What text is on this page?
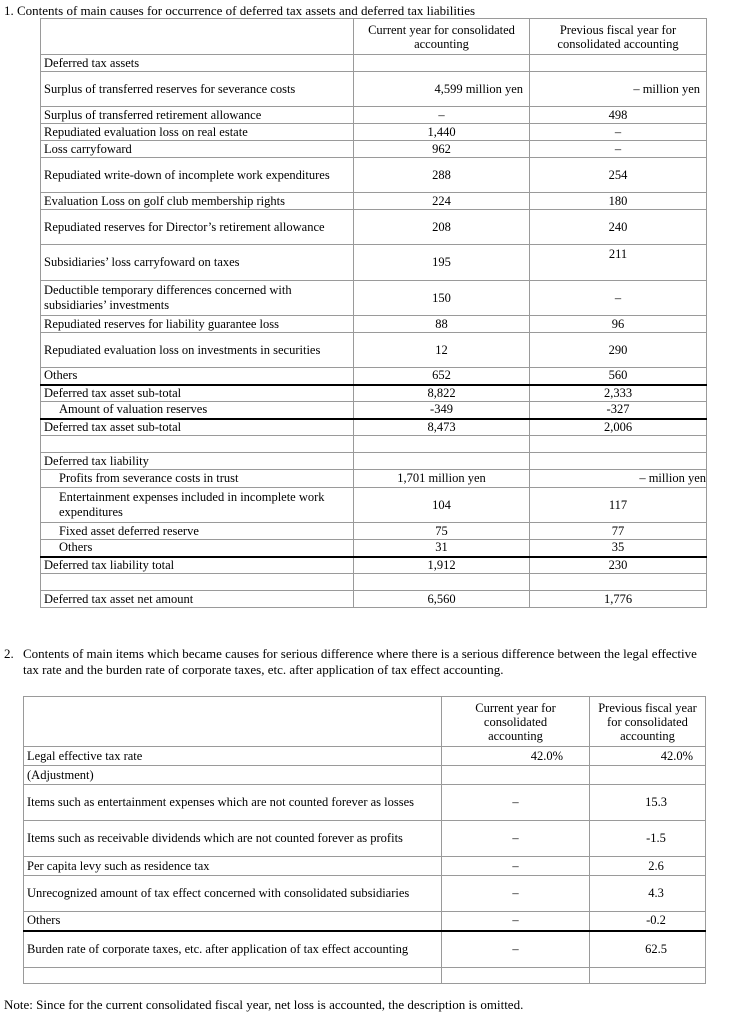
1. Contents of main causes for occurrence of deferred tax assets and deferred tax liabilities
	Current year for consolidated accounting	Previous fiscal year for consolidated accounting
Deferred tax assets		
Surplus of transferred reserves for severance costs	4,599 million yen	– million yen
Surplus of transferred retirement allowance	–	498
Repudiated evaluation loss on real estate	1,440	–
Loss carryfoward	962	–
Repudiated write-down of incomplete work expenditures	288	254
Evaluation Loss on golf club membership rights	224	180
Repudiated reserves for Director’s retirement allowance	208	240
Subsidiaries’ loss carryfoward on taxes	195	211
Deductible temporary differences concerned with subsidiaries’ investments	150	–
Repudiated reserves for liability guarantee loss	88	96
Repudiated evaluation loss on investments in securities	12	290
Others	652	560
Deferred tax asset sub-total	8,822	2,333
Amount of valuation reserves	-349	-327
Deferred tax asset sub-total	8,473	2,006

Deferred tax liability		
Profits from severance costs in trust	1,701 million yen	– million yen
Entertainment expenses included in incomplete work expenditures	104	117
Fixed asset deferred reserve	75	77
Others	31	35
Deferred tax liability total	1,912	230

Deferred tax asset net amount	6,560	1,776
2. Contents of main items which became causes for serious difference where there is a serious difference between the legal effective tax rate and the burden rate of corporate taxes, etc. after application of tax effect accounting.
	Current year for consolidated accounting	Previous fiscal year for consolidated accounting
Legal effective tax rate	42.0%	42.0%
(Adjustment)		
Items such as entertainment expenses which are not counted forever as losses	–	15.3
Items such as receivable dividends which are not counted forever as profits	–	-1.5
Per capita levy such as residence tax	–	2.6
Unrecognized amount of tax effect concerned with consolidated subsidiaries	–	4.3
Others	–	-0.2
Burden rate of corporate taxes, etc. after application of tax effect accounting	–	62.5

Note: Since for the current consolidated fiscal year, net loss is accounted, the description is omitted.
